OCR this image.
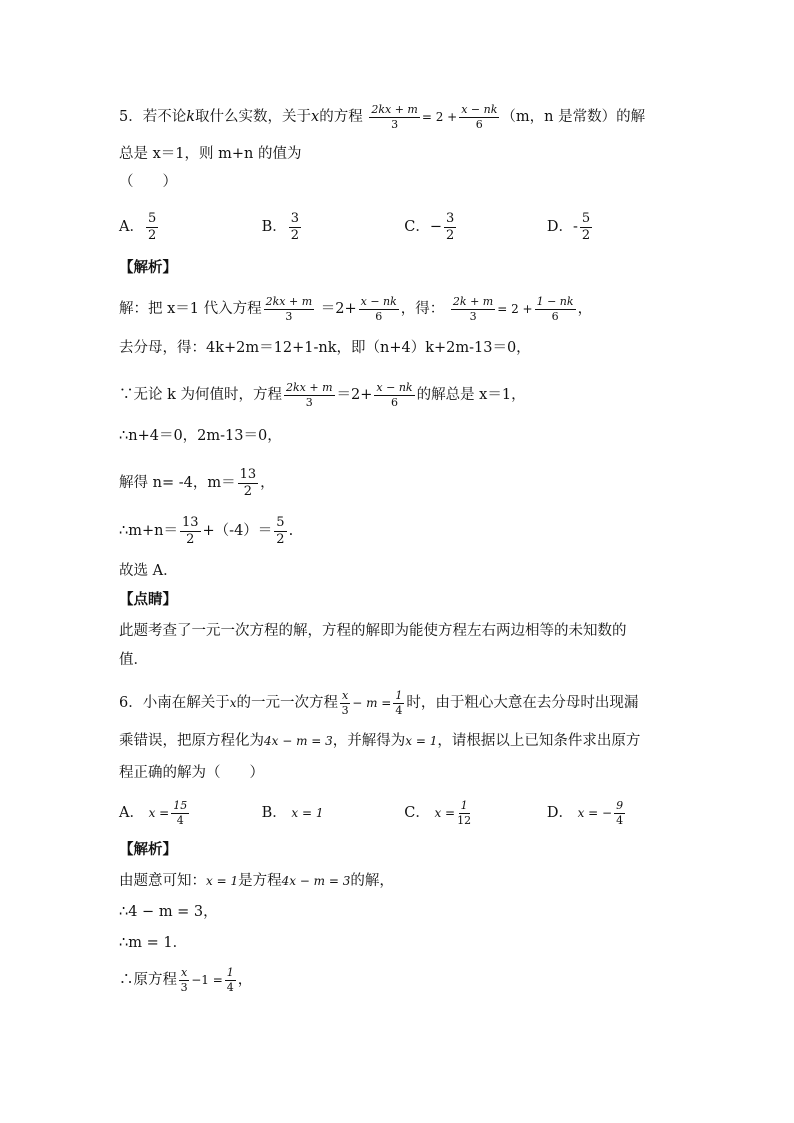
5．若不论k取什么实数，关于x的方程 $\frac{2kx + m}{3} = 2 + \frac{x - nk}{6} (m$，n 是常数）的解
总是 x＝1，则 m+n 的值为
（　　）
A． $\frac{5}{2}$	B． $\frac{3}{2}$	C．− $\frac{3}{2}$	D．- $\frac{5}{2}$
【解析】
解：把 x＝1 代入方程 $\frac{2kx + m}{3} =2+ \frac{x - nk}{6}$ ，得： $\frac{2k + m}{3} = 2 + \frac{1 - nk}{6}$ ，
去分母，得：4k+2m＝12+1-nk，即（n+4）k+2m-13＝0，
∵无论 k 为何值时，方程 $\frac{2kx + m}{3} =2+ \frac{x - nk}{6}$ 的解总是 x＝1，
∴n+4＝0，2m-13＝0，
解得 n= -4，$m= \frac{13}{2}$ ，
∴m+n＝ $\frac{13}{2} +(-4)= \frac{5}{2}$ .
故选 A．
【点睛】
此题考查了一元一次方程的解，方程的解即为能使方程左右两边相等的未知数的
值．
6．小南在解关于x的一元一次方程 $\frac{x}{3} - m = \frac{1}{4}$ 时，由于粗心大意在去分母时出现漏
乘错误，把原方程化为4x − m = 3，并解得为x = 1，请根据以上已知条件求出原方
程正确的解为（　　）
A． $x = \frac{15}{4}$	B． x = 1	C． $x = \frac{1}{12}$	D． x = − $\frac{9}{4}$
【解析】
由题意可知：x = 1是方程4x − m = 3的解，
∴4 − m = 3，
∴m = 1．
∴原方程 $\frac{x}{3} -1 = \frac{1}{4}$ ，
